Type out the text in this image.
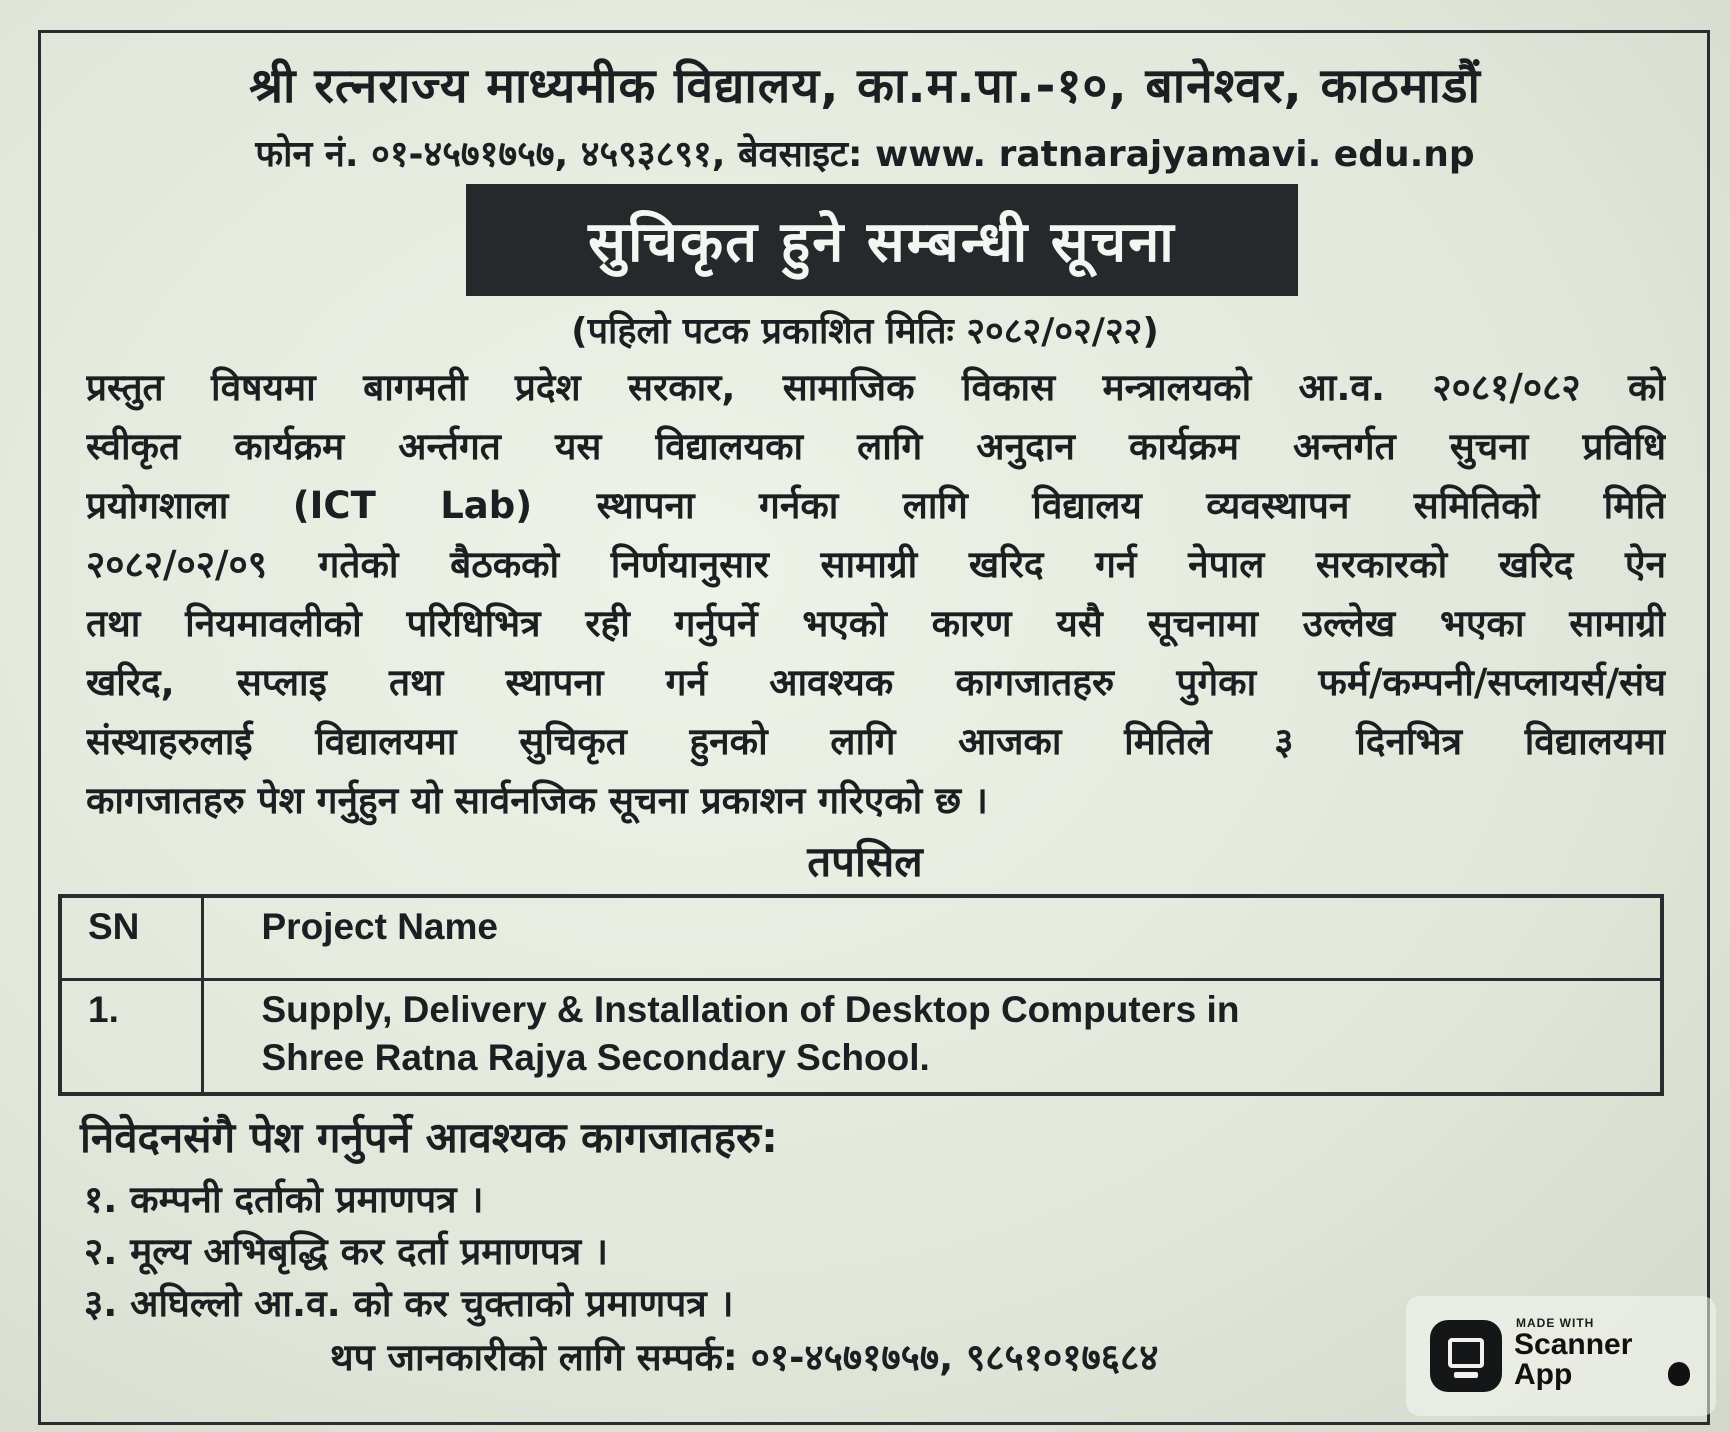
श्री रत्नराज्य माध्यमीक विद्यालय, का.म.पा.-१०, बानेश्वर, काठमाडौं
फोन नं. ०१-४५७१७५७, ४५९३८९१, बेवसाइट: www. ratnarajyamavi. edu.np
सुचिकृत हुने सम्बन्धी सूचना
(पहिलो पटक प्रकाशित मितिः २०८२/०२/२२)
प्रस्तुत विषयमा बागमती प्रदेश सरकार, सामाजिक विकास मन्त्रालयको आ.व. २०८१/०८२ को
स्वीकृत कार्यक्रम अर्न्तगत यस विद्यालयका लागि अनुदान कार्यक्रम अन्तर्गत सुचना प्रविधि
प्रयोगशाला (ICT Lab) स्थापना गर्नका लागि विद्यालय व्यवस्थापन समितिको मिति
२०८२/०२/०९ गतेको बैठकको निर्णयानुसार सामाग्री खरिद गर्न नेपाल सरकारको खरिद ऐन
तथा नियमावलीको परिधिभित्र रही गर्नुपर्ने भएको कारण यसै सूचनामा उल्लेख भएका सामाग्री
खरिद, सप्लाइ तथा स्थापना गर्न आवश्यक कागजातहरु पुगेका फर्म/कम्पनी/सप्लायर्स/संघ
संस्थाहरुलाई विद्यालयमा सुचिकृत हुनको लागि आजका मितिले ३ दिनभित्र विद्यालयमा
कागजातहरु पेश गर्नुहुन यो सार्वनजिक सूचना प्रकाशन गरिएको छ ।
तपसिल
SN	Project Name
1.	Supply, Delivery & Installation of Desktop Computers in
Shree Ratna Rajya Secondary School.
निवेदनसंगै पेश गर्नुपर्ने आवश्यक कागजातहरु:
१. कम्पनी दर्ताको प्रमाणपत्र ।
२. मूल्य अभिबृद्धि कर दर्ता प्रमाणपत्र ।
३. अघिल्लो आ.व. को कर चुक्ताको प्रमाणपत्र ।
थप जानकारीको लागि सम्पर्क: ०१-४५७१७५७, ९८५१०१७६८४
MADE WITH
Scanner
App
